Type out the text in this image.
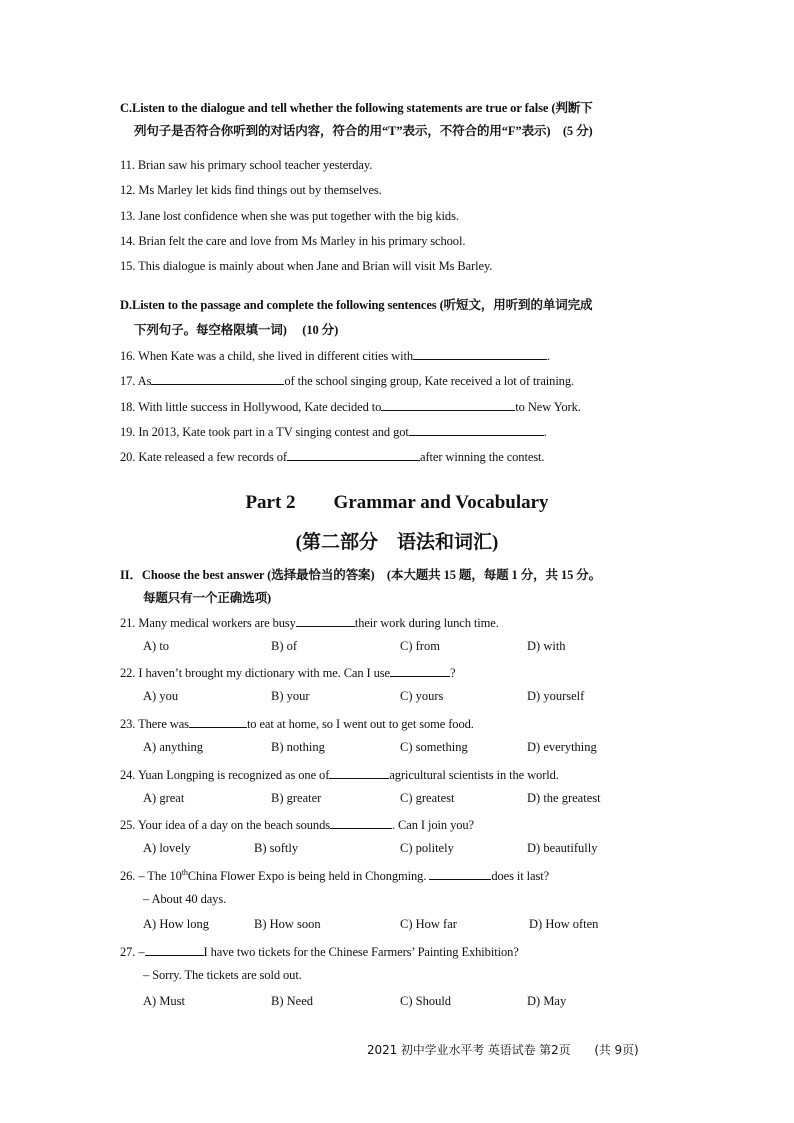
C.Listen to the dialogue and tell whether the following statements are true or false (判断下
列句子是否符合你听到的对话内容，符合的用“T”表示，不符合的用“F”表示)　(5 分)
11. Brian saw his primary school teacher yesterday.
12. Ms Marley let kids find things out by themselves.
13. Jane lost confidence when she was put together with the big kids.
14. Brian felt the care and love from Ms Marley in his primary school.
15. This dialogue is mainly about when Jane and Brian will visit Ms Barley.
D.Listen to the passage and complete the following sentences (听短文，用听到的单词完成
下列句子。每空格限填一词)　 (10 分)
16. When Kate was a child, she lived in different cities with	.
17. As	of the school singing group, Kate received a lot of training.
18. With little success in Hollywood, Kate decided to	to New York.
19. In 2013, Kate took part in a TV singing contest and got	.
20. Kate released a few records of	after winning the contest.
Part 2　　Grammar and Vocabulary
(第二部分　语法和词汇)
II．Choose the best answer (选择最恰当的答案)　(本大题共 15 题，每题 1 分，共 15 分。
每题只有一个正确选项)
21. Many medical workers are busy	their work during lunch time.
A) to	B) of	C) from	D) with
22. I haven’t brought my dictionary with me. Can I use	?
A) you	B) your	C) yours	D) yourself
23. There was	to eat at home, so I went out to get some food.
A) anything	B) nothing	C) something	D) everything
24. Yuan Longping is recognized as one of	agricultural scientists in the world.
A) great	B) greater	C) greatest	D) the greatest
25. Your idea of a day on the beach sounds	. Can I join you?
A) lovely	B) softly	C) politely	D) beautifully
26. – The 10thChina Flower Expo is being held in Chongming.	does it last?
– About 40 days.
A) How long	B) How soon	C) How far	D) How often
27. –	I have two tickets for the Chinese Farmers’ Painting Exhibition?
– Sorry. The tickets are sold out.
A) Must	B) Need	C) Should	D) May
2021 初中学业水平考 英语试卷 第2页　　(共 9页)
